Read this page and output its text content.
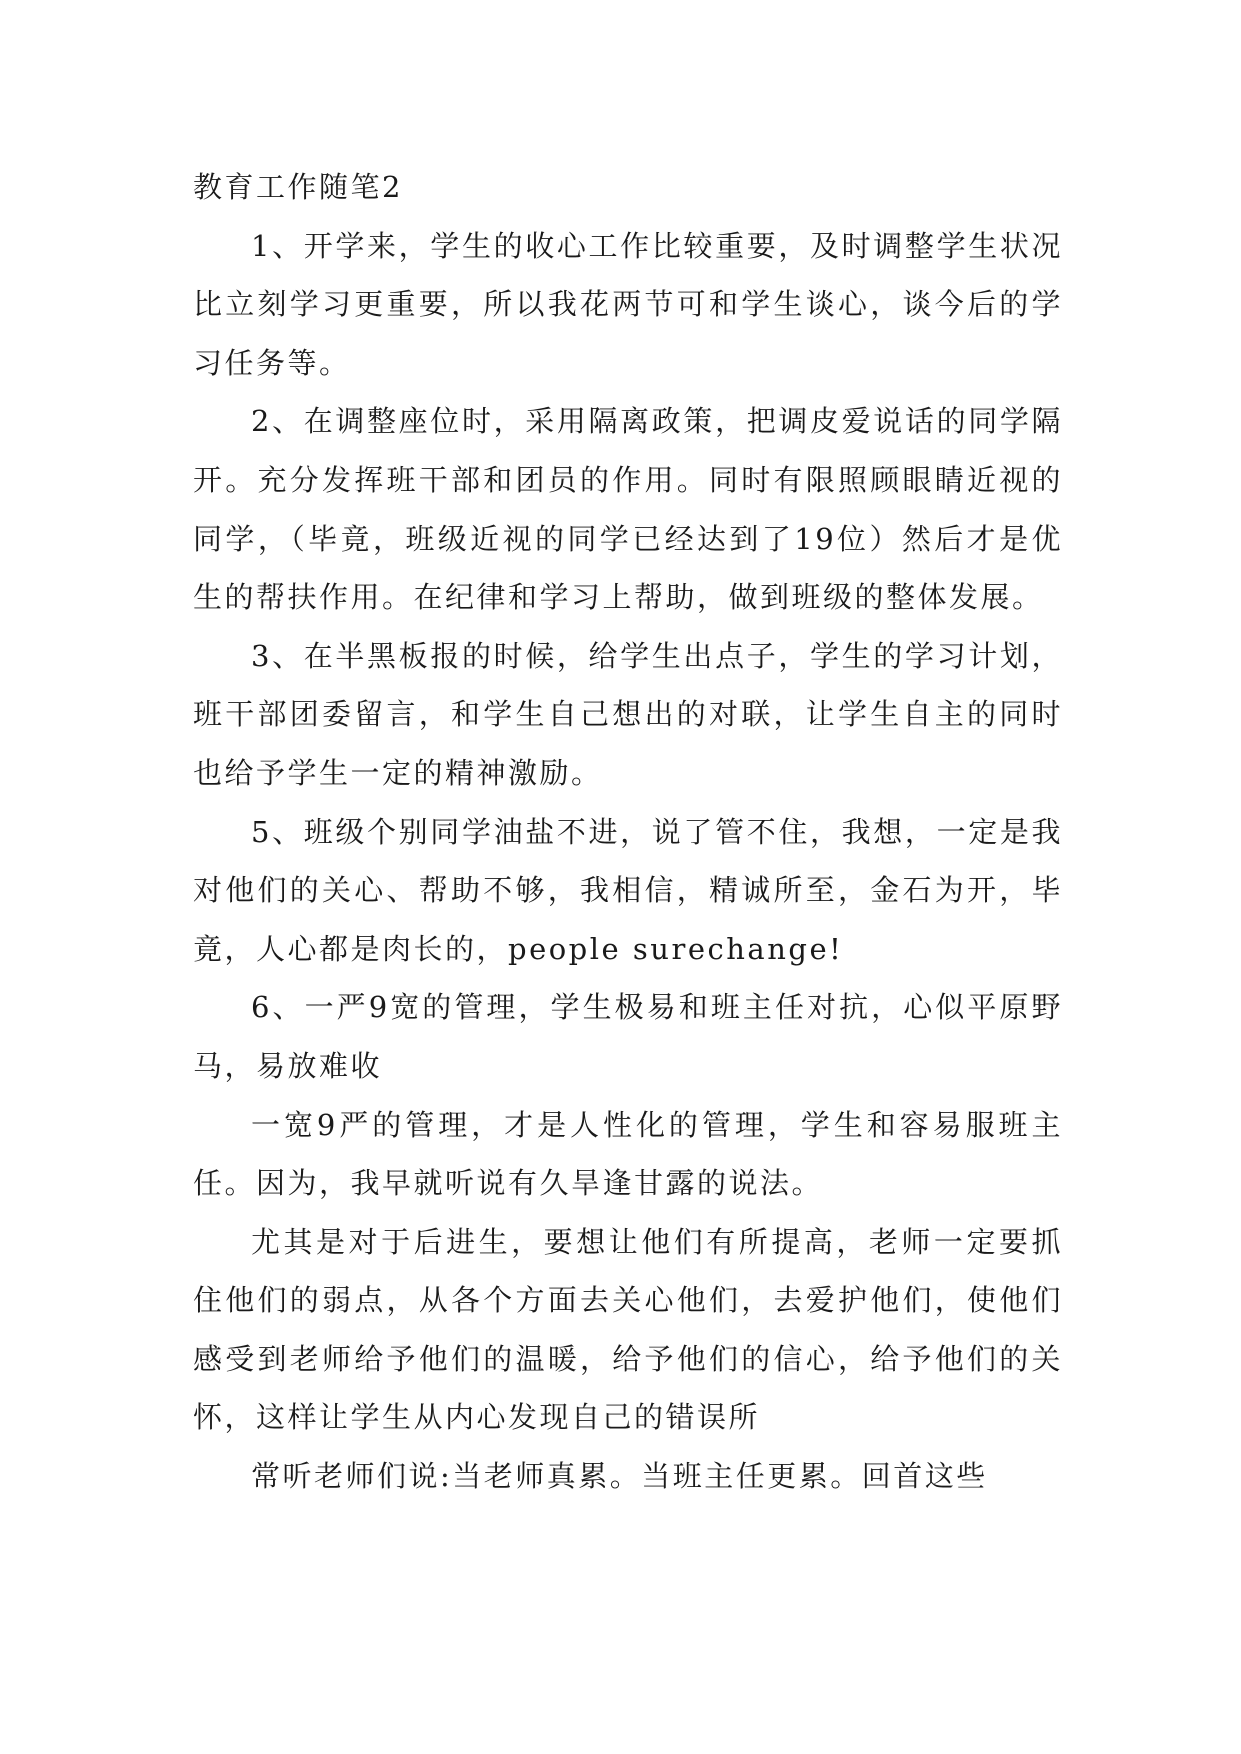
教育工作随笔2

1、开学来，学生的收心工作比较重要，及时调整学生状况比立刻学习更重要，所以我花两节可和学生谈心，谈今后的学习任务等。

2、在调整座位时，采用隔离政策，把调皮爱说话的同学隔开。充分发挥班干部和团员的作用。同时有限照顾眼睛近视的同学，（毕竟，班级近视的同学已经达到了19位）然后才是优生的帮扶作用。在纪律和学习上帮助，做到班级的整体发展。

3、在半黑板报的时候，给学生出点子，学生的学习计划，班干部团委留言，和学生自己想出的对联，让学生自主的同时也给予学生一定的精神激励。

5、班级个别同学油盐不进，说了管不住，我想，一定是我对他们的关心、帮助不够，我相信，精诚所至，金石为开，毕竟，人心都是肉长的，people surechange!

6、一严9宽的管理，学生极易和班主任对抗，心似平原野马，易放难收

一宽9严的管理，才是人性化的管理，学生和容易服班主任。因为，我早就听说有久旱逢甘露的说法。

尤其是对于后进生，要想让他们有所提高，老师一定要抓住他们的弱点，从各个方面去关心他们，去爱护他们，使他们感受到老师给予他们的温暖，给予他们的信心，给予他们的关怀，这样让学生从内心发现自己的错误所

常听老师们说:当老师真累。当班主任更累。回首这些
